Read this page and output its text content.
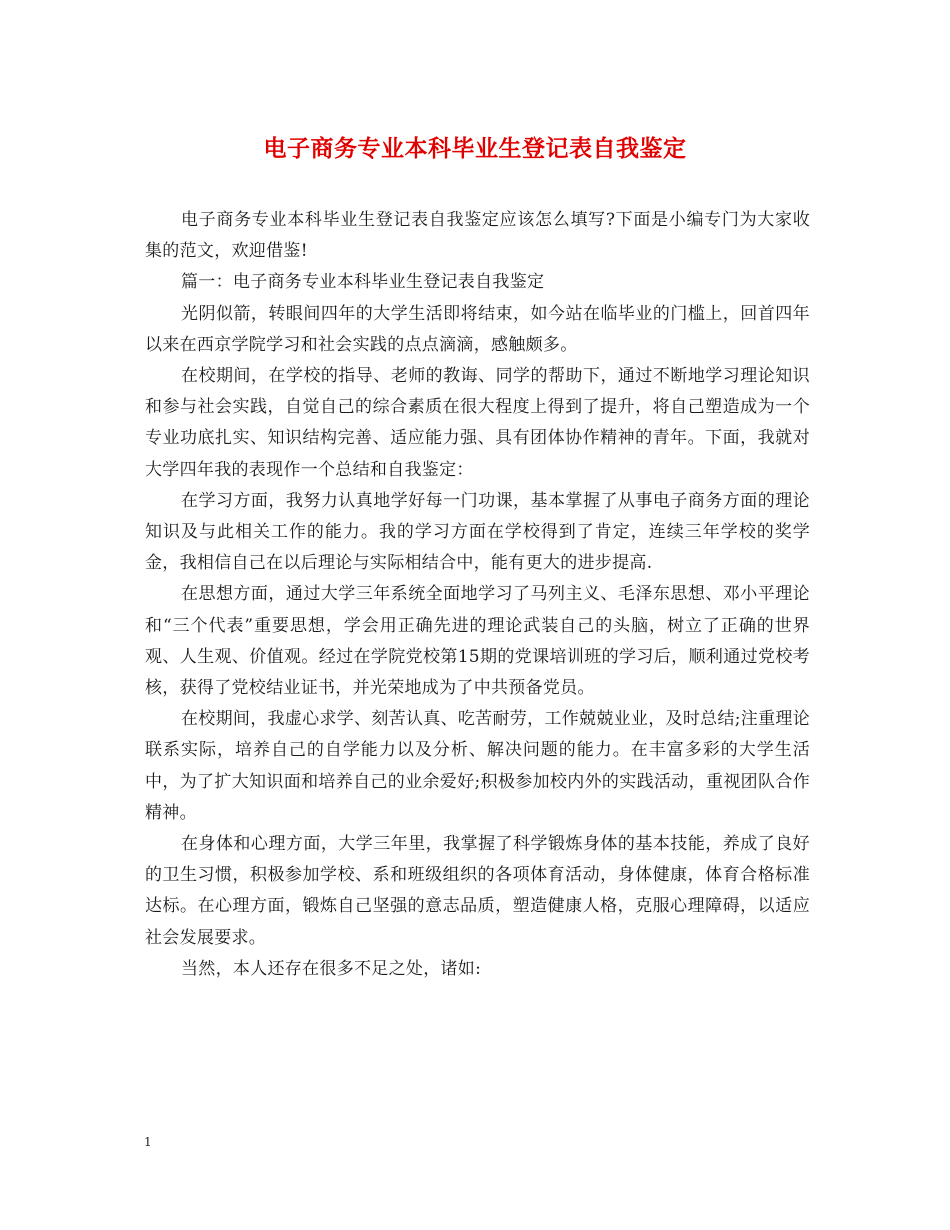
电子商务专业本科毕业生登记表自我鉴定

电子商务专业本科毕业生登记表自我鉴定应该怎么填写?下面是小编专门为大家收集的范文，欢迎借鉴!

篇一：电子商务专业本科毕业生登记表自我鉴定

光阴似箭，转眼间四年的大学生活即将结束，如今站在临毕业的门槛上，回首四年以来在西京学院学习和社会实践的点点滴滴，感触颇多。

在校期间，在学校的指导、老师的教诲、同学的帮助下，通过不断地学习理论知识和参与社会实践，自觉自己的综合素质在很大程度上得到了提升，将自己塑造成为一个专业功底扎实、知识结构完善、适应能力强、具有团体协作精神的青年。下面，我就对大学四年我的表现作一个总结和自我鉴定：

在学习方面，我努力认真地学好每一门功课，基本掌握了从事电子商务方面的理论知识及与此相关工作的能力。我的学习方面在学校得到了肯定，连续三年学校的奖学金，我相信自己在以后理论与实际相结合中，能有更大的进步提高.

在思想方面，通过大学三年系统全面地学习了马列主义、毛泽东思想、邓小平理论和“三个代表”重要思想，学会用正确先进的理论武装自己的头脑，树立了正确的世界观、人生观、价值观。经过在学院党校第15期的党课培训班的学习后，顺利通过党校考核，获得了党校结业证书，并光荣地成为了中共预备党员。

在校期间，我虚心求学、刻苦认真、吃苦耐劳，工作兢兢业业，及时总结;注重理论联系实际，培养自己的自学能力以及分析、解决问题的能力。在丰富多彩的大学生活中，为了扩大知识面和培养自己的业余爱好;积极参加校内外的实践活动，重视团队合作精神。

在身体和心理方面，大学三年里，我掌握了科学锻炼身体的基本技能，养成了良好的卫生习惯，积极参加学校、系和班级组织的各项体育活动，身体健康，体育合格标准达标。在心理方面，锻炼自己坚强的意志品质，塑造健康人格，克服心理障碍，以适应社会发展要求。

当然，本人还存在很多不足之处，诸如:

1
